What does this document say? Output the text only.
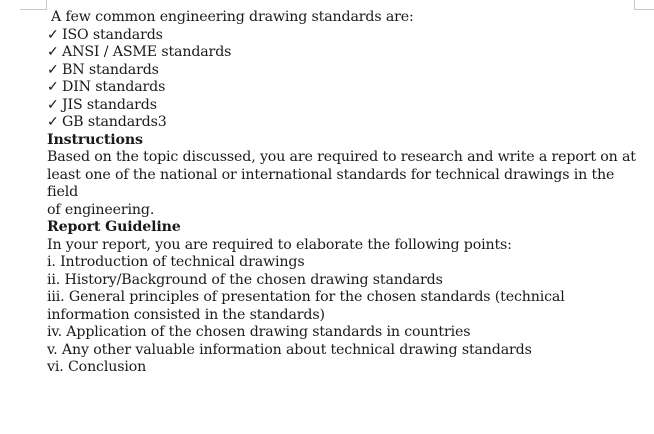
A few common engineering drawing standards are:
✓ ISO standards
✓ ANSI / ASME standards
✓ BN standards
✓ DIN standards
✓ JIS standards
✓ GB standards3
Instructions
Based on the topic discussed, you are required to research and write a report on at
least one of the national or international standards for technical drawings in the
field
of engineering.
Report Guideline
In your report, you are required to elaborate the following points:
i. Introduction of technical drawings
ii. History/Background of the chosen drawing standards
iii. General principles of presentation for the chosen standards (technical
information consisted in the standards)
iv. Application of the chosen drawing standards in countries
v. Any other valuable information about technical drawing standards
vi. Conclusion
